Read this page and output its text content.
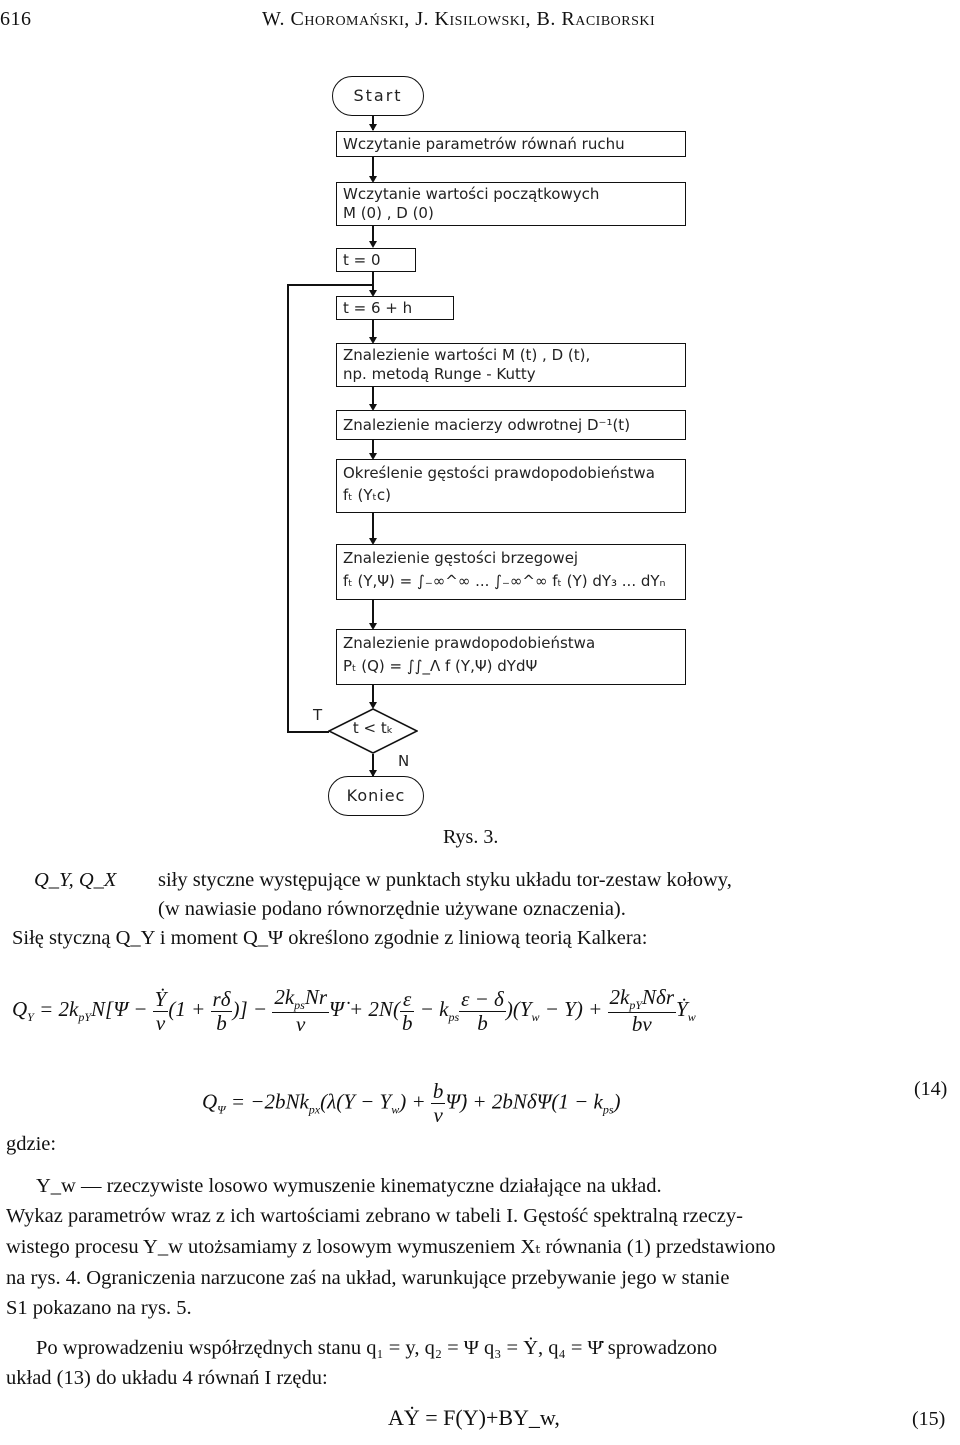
616	W. Choromański, J. Kisilowski, B. Raciborski
Start
Wczytanie parametrów równań ruchu
Wczytanie wartości początkowych
M (0) , D (0)
t = 0
t = 6 + h
Znalezienie wartości M (t) , D (t),
np. metodą Runge - Kutty
Znalezienie macierzy odwrotnej D⁻¹(t)
Określenie gęstości prawdopodobieństwa
fₜ (Yₜc)
Znalezienie gęstości brzegowej
fₜ (Y,Ψ) = ∫₋∞^∞ ... ∫₋∞^∞ fₜ (Y) dY₃ ... dYₙ
Znalezienie prawdopodobieństwa
Pₜ (Q) = ∫∫_Λ f (Y,Ψ) dYdΨ
t < tₖ
T
N
Koniec
Rys. 3.
Q_Y, Q_X siły styczne występujące w punktach styku układu tor-zestaw kołowy,
(w nawiasie podano równorzędnie używane oznaczenia).
Siłę styczną Q_Y i moment Q_Ψ określono zgodnie z liniową teorią Kalkera:
$Q_Y = 2k_{pY}N[\Psi - \frac{\text{Ẏ}}{v} (1 + \frac{r\delta}{b}$ )] − $\frac{2k_{ps}Nr}{v}$ Ψ̇ + $2N( \frac{\varepsilon}{b} - k_{ps} \frac{\varepsilon - \delta}{b} )(Y_w - Y) + \frac{2k_{pY}N\delta r}{bv}$ Ẏ$_w$
$Q_\Psi = -2bNk_{px}(\lambda(Y - Y_w) + \frac{b}{v}$ Ψ̇) + $2bN\delta\Psi(1 - k_{ps})$
(14)
gdzie:
Y_w — rzeczywiste losowo wymuszenie kinematyczne działające na układ.
Wykaz parametrów wraz z ich wartościami zebrano w tabeli I. Gęstość spektralną rzeczy-
wistego procesu Y_w utożsamiamy z losowym wymuszeniem Xₜ równania (1) przedstawiono
na rys. 4. Ograniczenia narzucone zaś na układ, warunkujące przebywanie jego w stanie
S1 pokazano na rys. 5.
Po wprowadzeniu współrzędnych stanu q₁ = y, q₂ = Ψ q₃ = Ẏ, q₄ = Ψ̇ sprowadzono
układ (13) do układu 4 równań I rzędu:
AẎ = F(Y)+BY_w,	(15)
